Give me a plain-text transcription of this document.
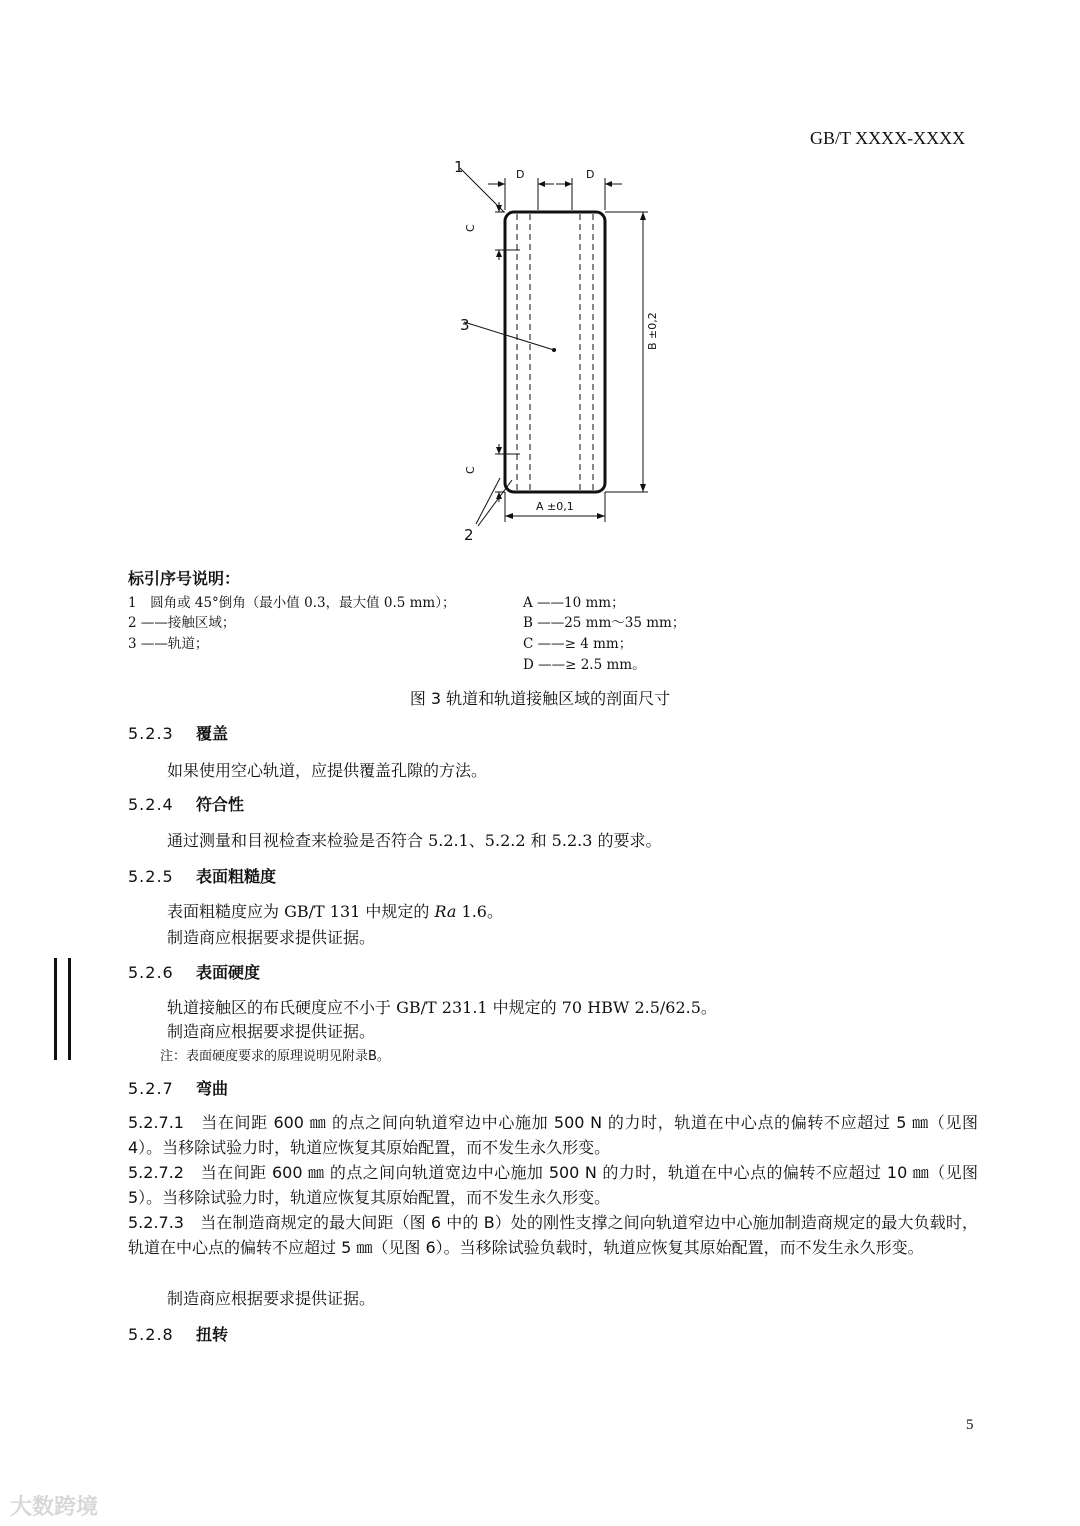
GB/T XXXX-XXXX
D	D
C
C
B ±0,2
A ±0,1
1
3
2
标引序号说明：
1　圆角或 45°倒角（最小值 0.3，最大值 0.5 mm）；
2 ——接触区域；
3 ——轨道；
A ——10 mm；
B ——25 mm～35 mm；
C ——≥ 4 mm；
D ——≥ 2.5 mm。
图 3 轨道和轨道接触区域的剖面尺寸
5.2.3 覆盖
如果使用空心轨道，应提供覆盖孔隙的方法。
5.2.4 符合性
通过测量和目视检查来检验是否符合 5.2.1、5.2.2 和 5.2.3 的要求。
5.2.5 表面粗糙度
表面粗糙度应为 GB/T 131 中规定的 Ra 1.6。
制造商应根据要求提供证据。
5.2.6 表面硬度
轨道接触区的布氏硬度应不小于 GB/T 231.1 中规定的 70 HBW 2.5/62.5。
制造商应根据要求提供证据。
注：表面硬度要求的原理说明见附录B。
5.2.7 弯曲
5.2.7.1　当在间距 600 ㎜ 的点之间向轨道窄边中心施加 500 N 的力时，轨道在中心点的偏转不应超过 5 ㎜（见图 4）。当移除试验力时，轨道应恢复其原始配置，而不发生永久形变。
5.2.7.2　当在间距 600 ㎜ 的点之间向轨道宽边中心施加 500 N 的力时，轨道在中心点的偏转不应超过 10 ㎜（见图 5）。当移除试验力时，轨道应恢复其原始配置，而不发生永久形变。
5.2.7.3　当在制造商规定的最大间距（图 6 中的 B）处的刚性支撑之间向轨道窄边中心施加制造商规定的最大负载时，轨道在中心点的偏转不应超过 5 ㎜（见图 6）。当移除试验负载时，轨道应恢复其原始配置，而不发生永久形变。
制造商应根据要求提供证据。
5.2.8 扭转
5
大数跨境
